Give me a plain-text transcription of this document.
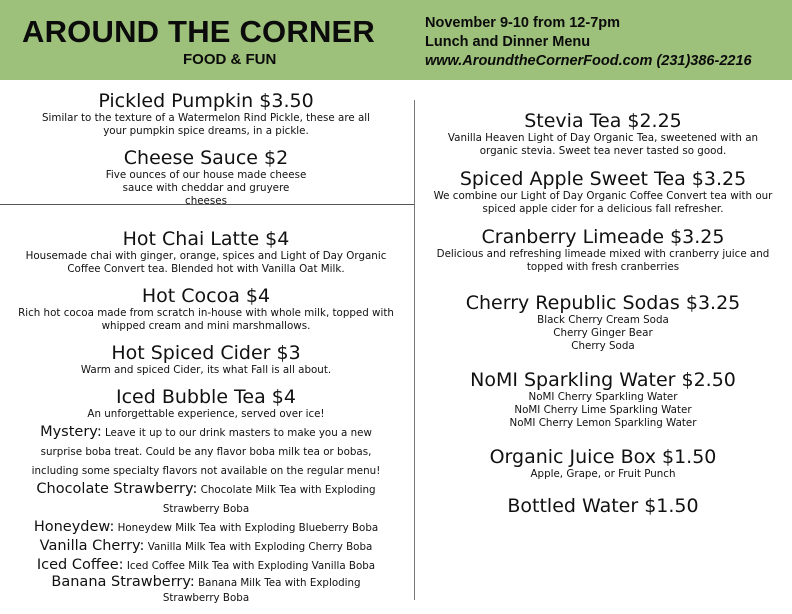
AROUND THE CORNER
FOOD & FUN
November 9-10 from 12-7pm
Lunch and Dinner Menu
www.AroundtheCornerFood.com (231)386-2216
Pickled Pumpkin $3.50
Similar to the texture of a Watermelon Rind Pickle, these are all your pumpkin spice dreams, in a pickle.
Cheese Sauce $2
Five ounces of our house made cheese sauce with cheddar and gruyere cheeses
Hot Chai Latte $4
Housemade chai with ginger, orange, spices and Light of Day Organic Coffee Convert tea. Blended hot with Vanilla Oat Milk.
Hot Cocoa $4
Rich hot cocoa made from scratch in-house with whole milk, topped with whipped cream and mini marshmallows.
Hot Spiced Cider $3
Warm and spiced Cider, its what Fall is all about.
Iced Bubble Tea $4
An unforgettable experience, served over ice!
Mystery: Leave it up to our drink masters to make you a new surprise boba treat. Could be any flavor boba milk tea or bobas, including some specialty flavors not available on the regular menu!
Chocolate Strawberry: Chocolate Milk Tea with Exploding Strawberry Boba
Honeydew: Honeydew Milk Tea with Exploding Blueberry Boba
Vanilla Cherry: Vanilla Milk Tea with Exploding Cherry Boba
Iced Coffee: Iced Coffee Milk Tea with Exploding Vanilla Boba
Banana Strawberry: Banana Milk Tea with Exploding Strawberry Boba
Stevia Tea $2.25
Vanilla Heaven Light of Day Organic Tea, sweetened with an organic stevia. Sweet tea never tasted so good.
Spiced Apple Sweet Tea $3.25
We combine our Light of Day Organic Coffee Convert tea with our spiced apple cider for a delicious fall refresher.
Cranberry Limeade $3.25
Delicious and refreshing limeade mixed with cranberry juice and topped with fresh cranberries
Cherry Republic Sodas $3.25
Black Cherry Cream Soda
Cherry Ginger Bear
Cherry Soda
NoMI Sparkling Water $2.50
NoMI Cherry Sparkling Water
NoMI Cherry Lime Sparkling Water
NoMI Cherry Lemon Sparkling Water
Organic Juice Box $1.50
Apple, Grape, or Fruit Punch
Bottled Water $1.50
